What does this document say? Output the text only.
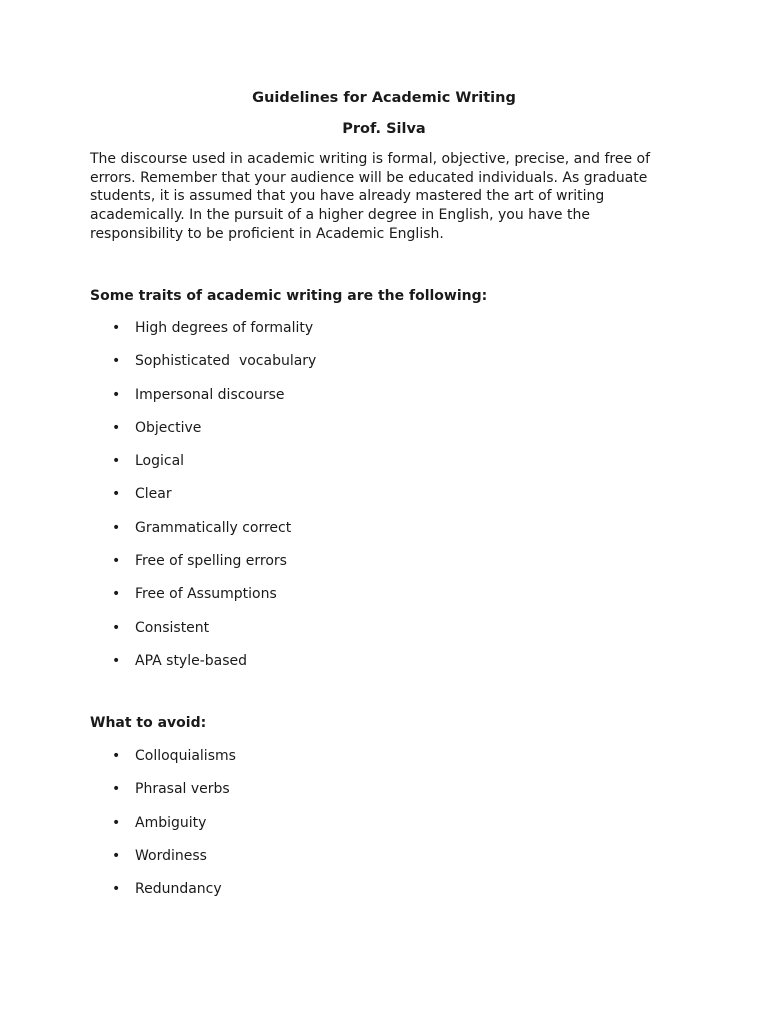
Guidelines for Academic Writing
Prof. Silva

The discourse used in academic writing is formal, objective, precise, and free of errors. Remember that your audience will be educated individuals. As graduate students, it is assumed that you have already mastered the art of writing academically. In the pursuit of a higher degree in English, you have the responsibility to be proficient in Academic English.

Some traits of academic writing are the following:

• High degrees of formality
• Sophisticated  vocabulary
• Impersonal discourse
• Objective
• Logical
• Clear
• Grammatically correct
• Free of spelling errors
• Free of Assumptions
• Consistent
• APA style-based

What to avoid:

• Colloquialisms
• Phrasal verbs
• Ambiguity
• Wordiness
• Redundancy
